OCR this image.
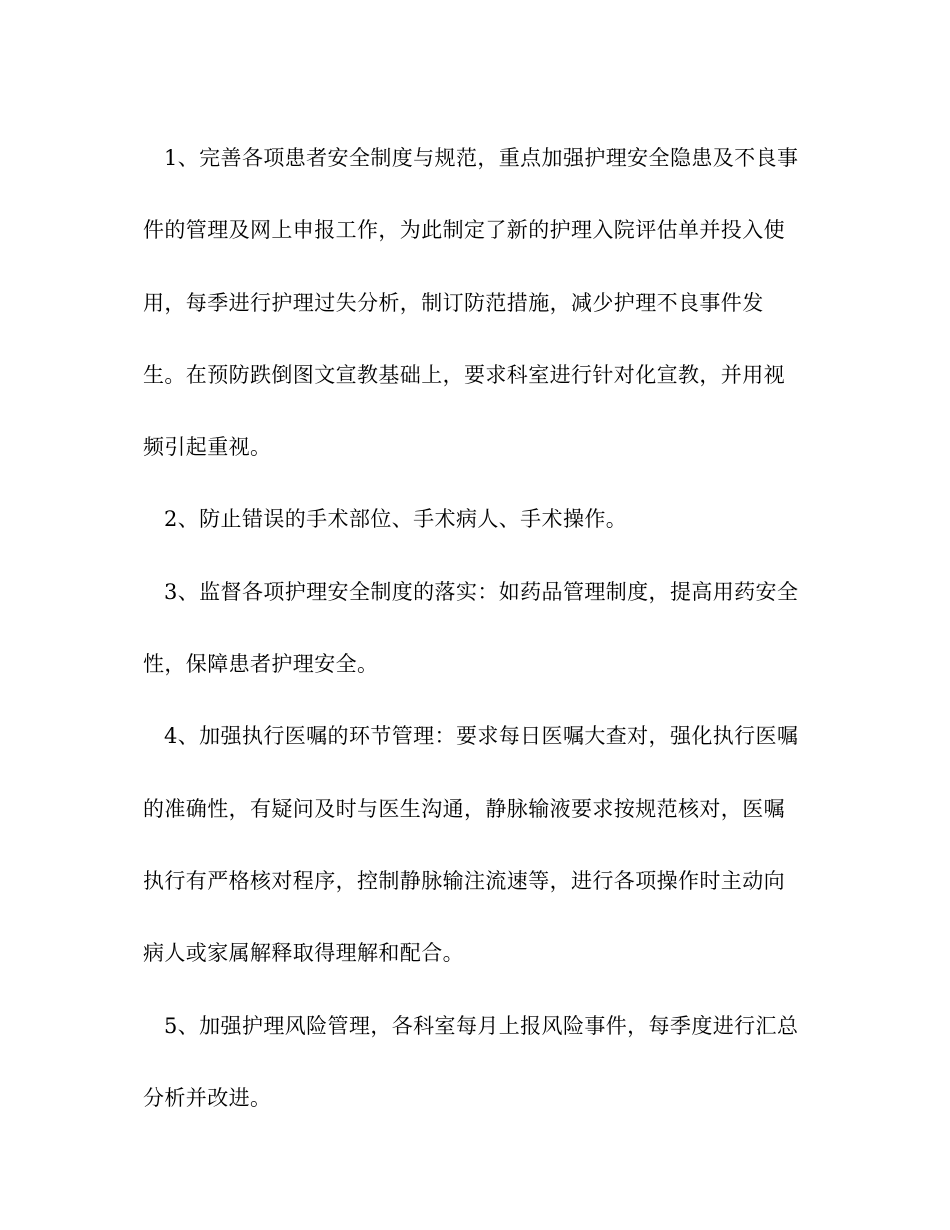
1、完善各项患者安全制度与规范，重点加强护理安全隐患及不良事
件的管理及网上申报工作，为此制定了新的护理入院评估单并投入使
用，每季进行护理过失分析，制订防范措施，减少护理不良事件发
生。在预防跌倒图文宣教基础上，要求科室进行针对化宣教，并用视
频引起重视。

2、防止错误的手术部位、手术病人、手术操作。

3、监督各项护理安全制度的落实：如药品管理制度，提高用药安全
性，保障患者护理安全。

4、加强执行医嘱的环节管理：要求每日医嘱大查对，强化执行医嘱
的准确性，有疑问及时与医生沟通，静脉输液要求按规范核对，医嘱
执行有严格核对程序，控制静脉输注流速等，进行各项操作时主动向
病人或家属解释取得理解和配合。

5、加强护理风险管理，各科室每月上报风险事件，每季度进行汇总
分析并改进。
